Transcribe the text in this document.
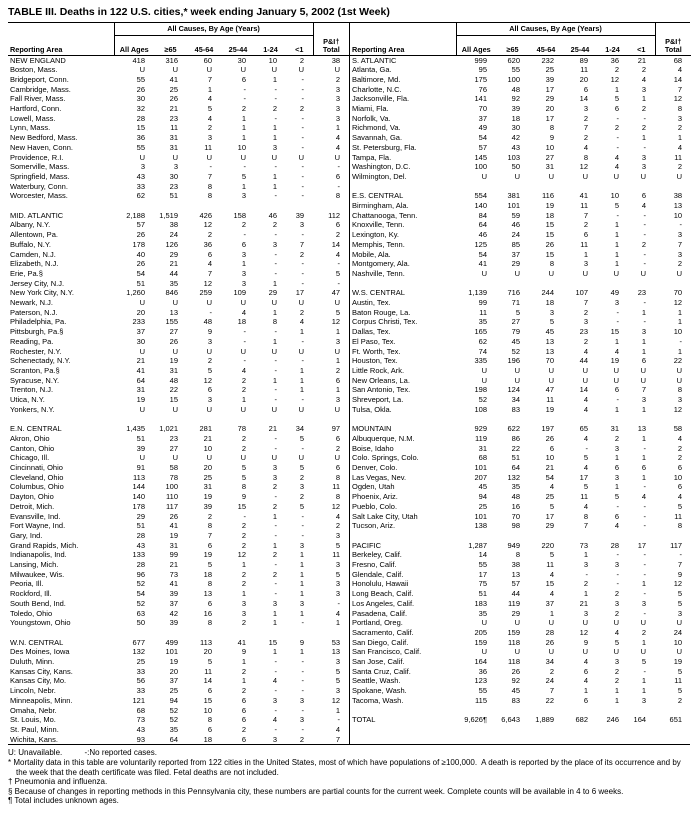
TABLE III. Deaths in 122 U.S. cities,* week ending January 5, 2002 (1st Week)
Reporting Area	All Causes, By Age (Years)						P&I†
Total

	All Ages	≥65	45-64	25-44	1-24	<1	
NEW ENGLAND	418	316	60	30	10	2	38
Boston, Mass.	U	U	U	U	U	U	U
Bridgeport, Conn.	55	41	7	6	1	-	2
Cambridge, Mass.	26	25	1	-	-	-	3
Fall River, Mass.	30	26	4	-	-	-	3
Hartford, Conn.	32	21	5	2	2	2	3
Lowell, Mass.	28	23	4	1	-	-	3
Lynn, Mass.	15	11	2	1	1	-	1
New Bedford, Mass.	36	31	3	1	1	-	4
New Haven, Conn.	55	31	11	10	3	-	4
Providence, R.I.	U	U	U	U	U	U	U
Somerville, Mass.	3	3	-	-	-	-	-
Springfield, Mass.	43	30	7	5	1	-	6
Waterbury, Conn.	33	23	8	1	1	-	-
Worcester, Mass.	62	51	8	3	-	-	8

MID. ATLANTIC	2,188	1,519	426	158	46	39	112
Albany, N.Y.	57	38	12	2	2	3	6
Allentown, Pa.	26	24	2	-	-	-	2
Buffalo, N.Y.	178	126	36	6	3	7	14
Camden, N.J.	40	29	6	3	-	2	4
Elizabeth, N.J.	26	21	4	1	-	-	-
Erie, Pa.§	54	44	7	3	-	-	5
Jersey City, N.J.	51	35	12	3	1	-	-
New York City, N.Y.	1,260	846	259	109	29	17	47
Newark, N.J.	U	U	U	U	U	U	U
Paterson, N.J.	20	13	-	4	1	2	5
Philadelphia, Pa.	233	155	48	18	8	4	12
Pittsburgh, Pa.§	37	27	9	-	-	1	1
Reading, Pa.	30	26	3	-	1	-	3
Rochester, N.Y.	U	U	U	U	U	U	U
Schenectady, N.Y.	21	19	2	-	-	-	1
Scranton, Pa.§	41	31	5	4	-	1	2
Syracuse, N.Y.	64	48	12	2	1	1	6
Trenton, N.J.	31	22	6	2	-	1	1
Utica, N.Y.	19	15	3	1	-	-	3
Yonkers, N.Y.	U	U	U	U	U	U	U

E.N. CENTRAL	1,435	1,021	281	78	21	34	97
Akron, Ohio	51	23	21	2	-	5	6
Canton, Ohio	39	27	10	2	-	-	2
Chicago, Ill.	U	U	U	U	U	U	U
Cincinnati, Ohio	91	58	20	5	3	5	6
Cleveland, Ohio	113	78	25	5	3	2	8
Columbus, Ohio	144	100	31	8	2	3	11
Dayton, Ohio	140	110	19	9	-	2	8
Detroit, Mich.	178	117	39	15	2	5	12
Evansville, Ind.	29	26	2	-	1	-	4
Fort Wayne, Ind.	51	41	8	2	-	-	2
Gary, Ind.	28	19	7	2	-	-	3
Grand Rapids, Mich.	43	31	6	2	1	3	5
Indianapolis, Ind.	133	99	19	12	2	1	11
Lansing, Mich.	28	21	5	1	-	1	3
Milwaukee, Wis.	96	73	18	2	2	1	5
Peoria, Ill.	52	41	8	2	-	1	3
Rockford, Ill.	54	39	13	1	-	1	3
South Bend, Ind.	52	37	6	3	3	3	-
Toledo, Ohio	63	42	16	3	1	1	4
Youngstown, Ohio	50	39	8	2	1	-	1

W.N. CENTRAL	677	499	113	41	15	9	53
Des Moines, Iowa	132	101	20	9	1	1	13
Duluth, Minn.	25	19	5	1	-	-	3
Kansas City, Kans.	33	20	11	2	-	-	5
Kansas City, Mo.	56	37	14	1	4	-	5
Lincoln, Nebr.	33	25	6	2	-	-	3
Minneapolis, Minn.	121	94	15	6	3	3	12
Omaha, Nebr.	68	52	10	6	-	-	1
St. Louis, Mo.	73	52	8	6	4	3	-
St. Paul, Minn.	43	35	6	2	-	-	4
Wichita, Kans.	93	64	18	6	3	2	7
Reporting Area	All Causes, By Age (Years)						P&I†
Total

	All Ages	≥65	45-64	25-44	1-24	<1	
S. ATLANTIC	999	620	232	89	36	21	68
Atlanta, Ga.	95	55	25	11	2	2	4
Baltimore, Md.	175	100	39	20	12	4	14
Charlotte, N.C.	76	48	17	6	1	3	7
Jacksonville, Fla.	141	92	29	14	5	1	12
Miami, Fla.	70	39	20	3	6	2	8
Norfolk, Va.	37	18	17	2	-	-	3
Richmond, Va.	49	30	8	7	2	2	2
Savannah, Ga.	54	42	9	2	-	1	1
St. Petersburg, Fla.	57	43	10	4	-	-	4
Tampa, Fla.	145	103	27	8	4	3	11
Washington, D.C.	100	50	31	12	4	3	2
Wilmington, Del.	U	U	U	U	U	U	U

E.S. CENTRAL	554	381	116	41	10	6	38
Birmingham, Ala.	140	101	19	11	5	4	13
Chattanooga, Tenn.	84	59	18	7	-	-	10
Knoxville, Tenn.	64	46	15	2	1	-	-
Lexington, Ky.	46	24	15	6	1	-	3
Memphis, Tenn.	125	85	26	11	1	2	7
Mobile, Ala.	54	37	15	1	1	-	3
Montgomery, Ala.	41	29	8	3	1	-	2
Nashville, Tenn.	U	U	U	U	U	U	U

W.S. CENTRAL	1,139	716	244	107	49	23	70
Austin, Tex.	99	71	18	7	3	-	12
Baton Rouge, La.	11	5	3	2	-	1	1
Corpus Christi, Tex.	35	27	5	3	-	-	1
Dallas, Tex.	165	79	45	23	15	3	10
El Paso, Tex.	62	45	13	2	1	1	-
Ft. Worth, Tex.	74	52	13	4	4	1	1
Houston, Tex.	335	196	70	44	19	6	22
Little Rock, Ark.	U	U	U	U	U	U	U
New Orleans, La.	U	U	U	U	U	U	U
San Antonio, Tex.	198	124	47	14	6	7	8
Shreveport, La.	52	34	11	4	-	3	3
Tulsa, Okla.	108	83	19	4	1	1	12

MOUNTAIN	929	622	197	65	31	13	58
Albuquerque, N.M.	119	86	26	4	2	1	4
Boise, Idaho	31	22	6	-	3	-	2
Colo. Springs, Colo.	68	51	10	5	1	1	2
Denver, Colo.	101	64	21	4	6	6	6
Las Vegas, Nev.	207	132	54	17	3	1	10
Ogden, Utah	45	35	4	5	1	-	6
Phoenix, Ariz.	94	48	25	11	5	4	4
Pueblo, Colo.	25	16	5	4	-	-	5
Salt Lake City, Utah	101	70	17	8	6	-	11
Tucson, Ariz.	138	98	29	7	4	-	8

PACIFIC	1,287	949	220	73	28	17	117
Berkeley, Calif.	14	8	5	1	-	-	-
Fresno, Calif.	55	38	11	3	3	-	7
Glendale, Calif.	17	13	4	-	-	-	9
Honolulu, Hawaii	75	57	15	2	-	1	12
Long Beach, Calif.	51	44	4	1	2	-	5
Los Angeles, Calif.	183	119	37	21	3	3	5
Pasadena, Calif.	35	29	1	3	2	-	3
Portland, Oreg.	U	U	U	U	U	U	U
Sacramento, Calif.	205	159	28	12	4	2	24
San Diego, Calif.	159	118	26	9	5	1	10
San Francisco, Calif.	U	U	U	U	U	U	U
San Jose, Calif.	164	118	34	4	3	5	19
Santa Cruz, Calif.	36	26	2	6	2	-	5
Seattle, Wash.	123	92	24	4	2	1	11
Spokane, Wash.	55	45	7	1	1	1	5
Tacoma, Wash.	115	83	22	6	1	3	2

TOTAL	9,626¶	6,643	1,889	682	246	164	651
U: Unavailable.          -:No reported cases.
* Mortality data in this table are voluntarily reported from 122 cities in the United States, most of which have populations of ≥100,000.  A death is reported by the place of its occurrence and by the week that the death certificate was filed. Fetal deaths are not included.
† Pneumonia and influenza.
§ Because of changes in reporting methods in this Pennsylvania city, these numbers are partial counts for the current week. Complete counts will be available in 4 to 6 weeks.
¶ Total includes unknown ages.
